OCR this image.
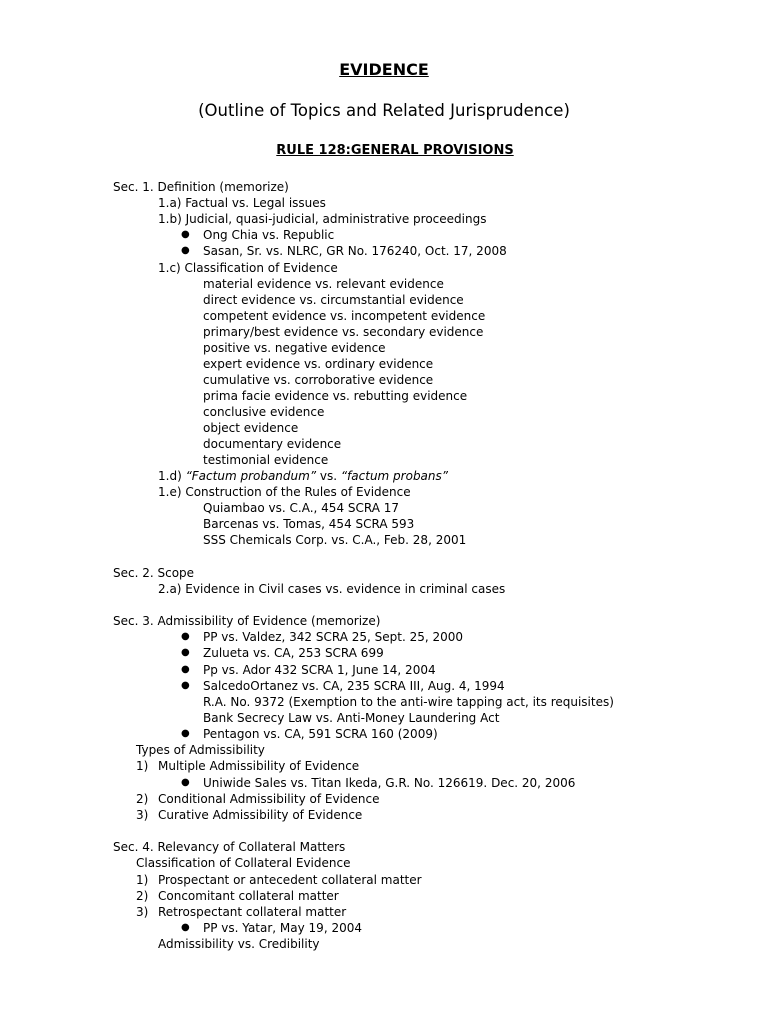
EVIDENCE
(Outline of Topics and Related Jurisprudence)
RULE 128:GENERAL PROVISIONS
Sec. 1. Definition (memorize)
1.a) Factual vs. Legal issues
1.b) Judicial, quasi-judicial, administrative proceedings
● Ong Chia vs. Republic
● Sasan, Sr. vs. NLRC, GR No. 176240, Oct. 17, 2008
1.c) Classification of Evidence
material evidence vs. relevant evidence
direct evidence vs. circumstantial evidence
competent evidence vs. incompetent evidence
primary/best evidence vs. secondary evidence
positive vs. negative evidence
expert evidence vs. ordinary evidence
cumulative vs. corroborative evidence
prima facie evidence vs. rebutting evidence
conclusive evidence
object evidence
documentary evidence
testimonial evidence
1.d) “Factum probandum” vs. “factum probans”
1.e) Construction of the Rules of Evidence
Quiambao vs. C.A., 454 SCRA 17
Barcenas vs. Tomas, 454 SCRA 593
SSS Chemicals Corp. vs. C.A., Feb. 28, 2001
Sec. 2. Scope
2.a) Evidence in Civil cases vs. evidence in criminal cases
Sec. 3. Admissibility of Evidence (memorize)
● PP vs. Valdez, 342 SCRA 25, Sept. 25, 2000
● Zulueta vs. CA, 253 SCRA 699
● Pp vs. Ador 432 SCRA 1, June 14, 2004
● SalcedoOrtanez vs. CA, 235 SCRA III, Aug. 4, 1994
R.A. No. 9372 (Exemption to the anti-wire tapping act, its requisites)
Bank Secrecy Law vs. Anti-Money Laundering Act
● Pentagon vs. CA, 591 SCRA 160 (2009)
Types of Admissibility
1) Multiple Admissibility of Evidence
● Uniwide Sales vs. Titan Ikeda, G.R. No. 126619. Dec. 20, 2006
2) Conditional Admissibility of Evidence
3) Curative Admissibility of Evidence
Sec. 4. Relevancy of Collateral Matters
Classification of Collateral Evidence
1) Prospectant or antecedent collateral matter
2) Concomitant collateral matter
3) Retrospectant collateral matter
● PP vs. Yatar, May 19, 2004
Admissibility vs. Credibility
